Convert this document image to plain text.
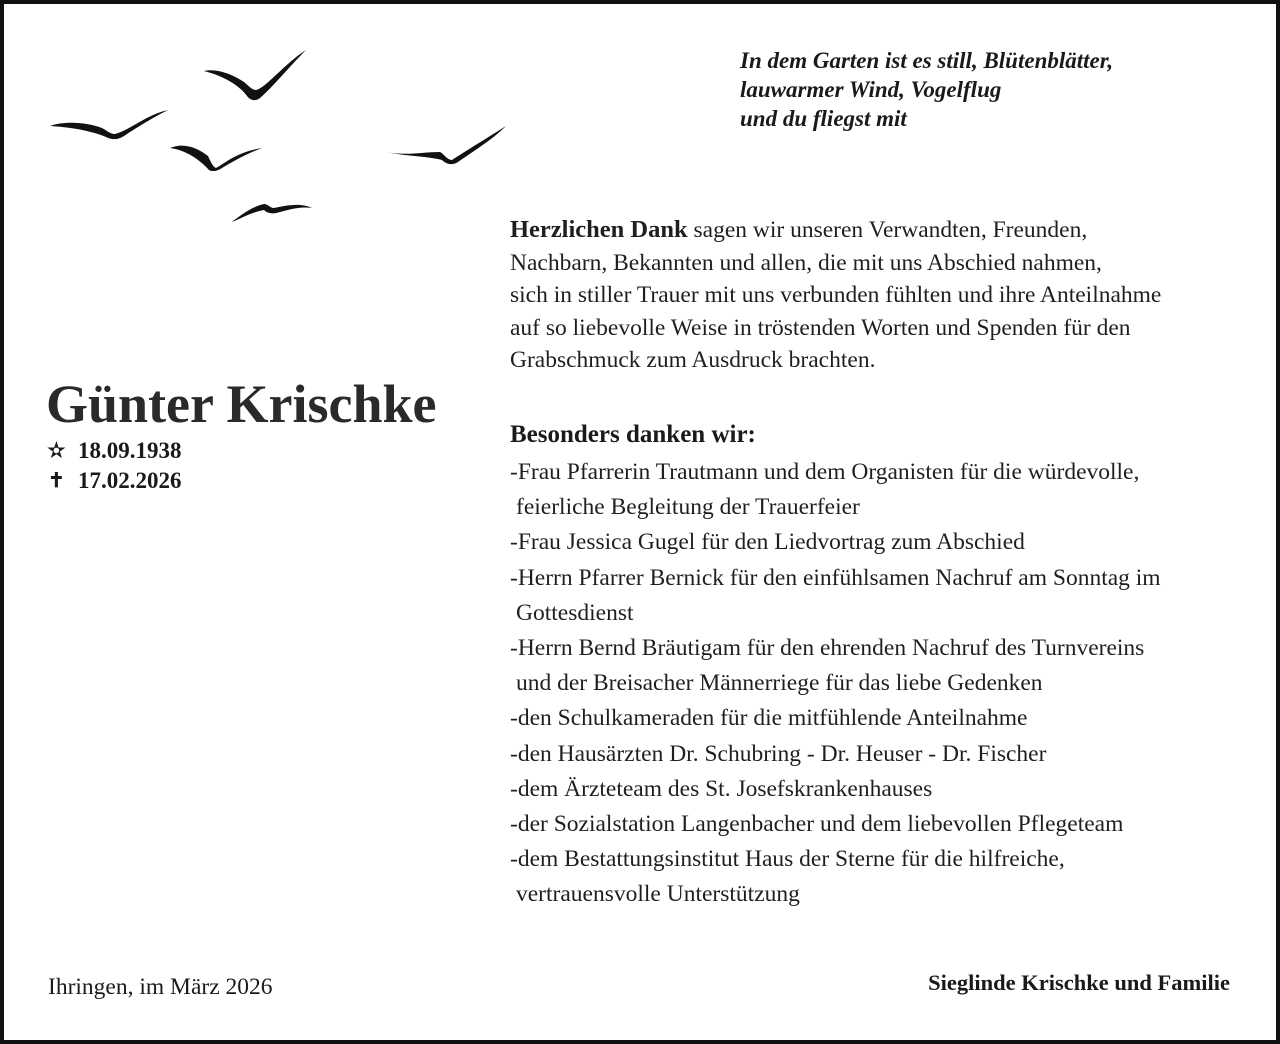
In dem Garten ist es still, Blütenblätter,
lauwarmer Wind, Vogelflug
und du fliegst mit
Günter Krischke
✫ 18.09.1938
✝ 17.02.2026
Herzlichen Dank sagen wir unseren Verwandten, Freunden,
Nachbarn, Bekannten und allen, die mit uns Abschied nahmen,
sich in stiller Trauer mit uns verbunden fühlten und ihre Anteilnahme
auf so liebevolle Weise in tröstenden Worten und Spenden für den
Grabschmuck zum Ausdruck brachten.
Besonders danken wir:
-Frau Pfarrerin Trautmann und dem Organisten für die würdevolle,
feierliche Begleitung der Trauerfeier
-Frau Jessica Gugel für den Liedvortrag zum Abschied
-Herrn Pfarrer Bernick für den einfühlsamen Nachruf am Sonntag im
Gottesdienst
-Herrn Bernd Bräutigam für den ehrenden Nachruf des Turnvereins
und der Breisacher Männerriege für das liebe Gedenken
-den Schulkameraden für die mitfühlende Anteilnahme
-den Hausärzten Dr. Schubring - Dr. Heuser - Dr. Fischer
-dem Ärzteteam des St. Josefskrankenhauses
-der Sozialstation Langenbacher und dem liebevollen Pflegeteam
-dem Bestattungsinstitut Haus der Sterne für die hilfreiche,
vertrauensvolle Unterstützung
Ihringen, im März 2026	Sieglinde Krischke und Familie
